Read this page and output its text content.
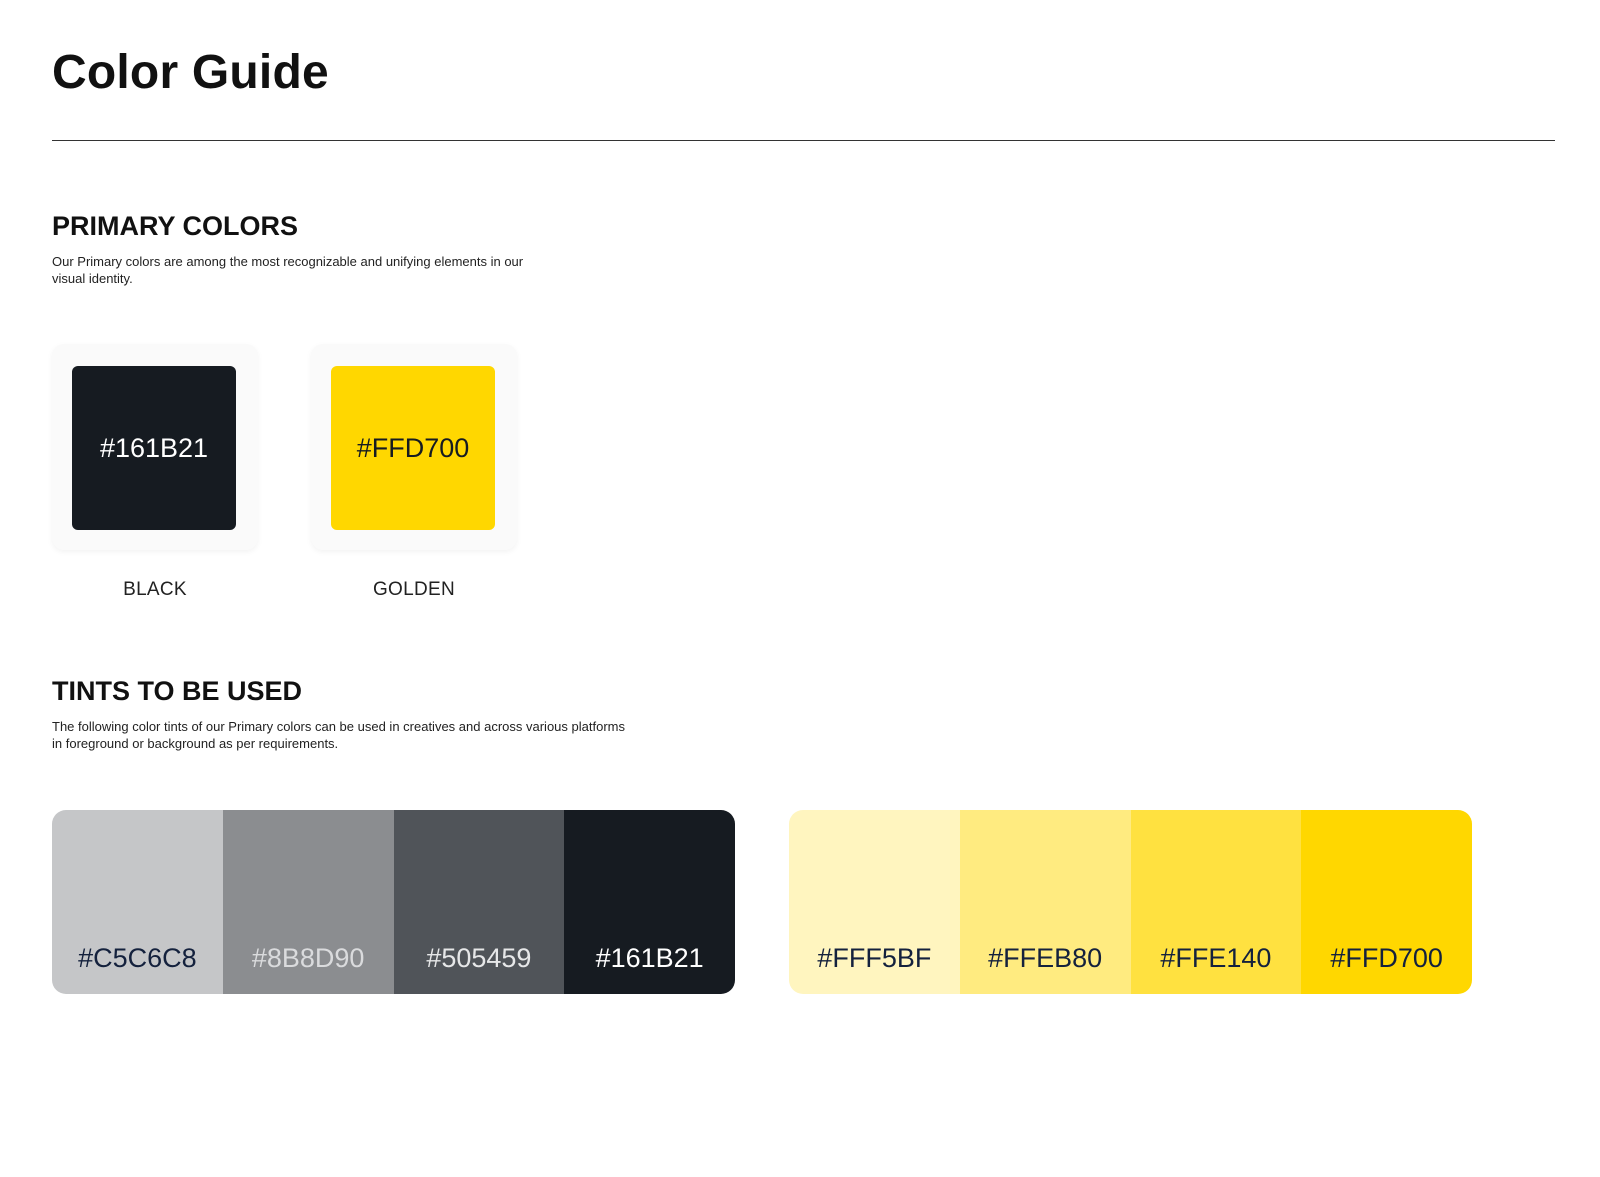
Color Guide
PRIMARY COLORS

Our Primary colors are among the most recognizable and unifying elements in our visual identity.

#161B21
BLACK
#FFD700
GOLDEN
TINTS TO BE USED

The following color tints of our Primary colors can be used in creatives and across various platforms in foreground or background as per requirements.

#C5C6C8	#8B8D90	#505459	#161B21	#FFF5BF	#FFEB80	#FFE140	#FFD700
